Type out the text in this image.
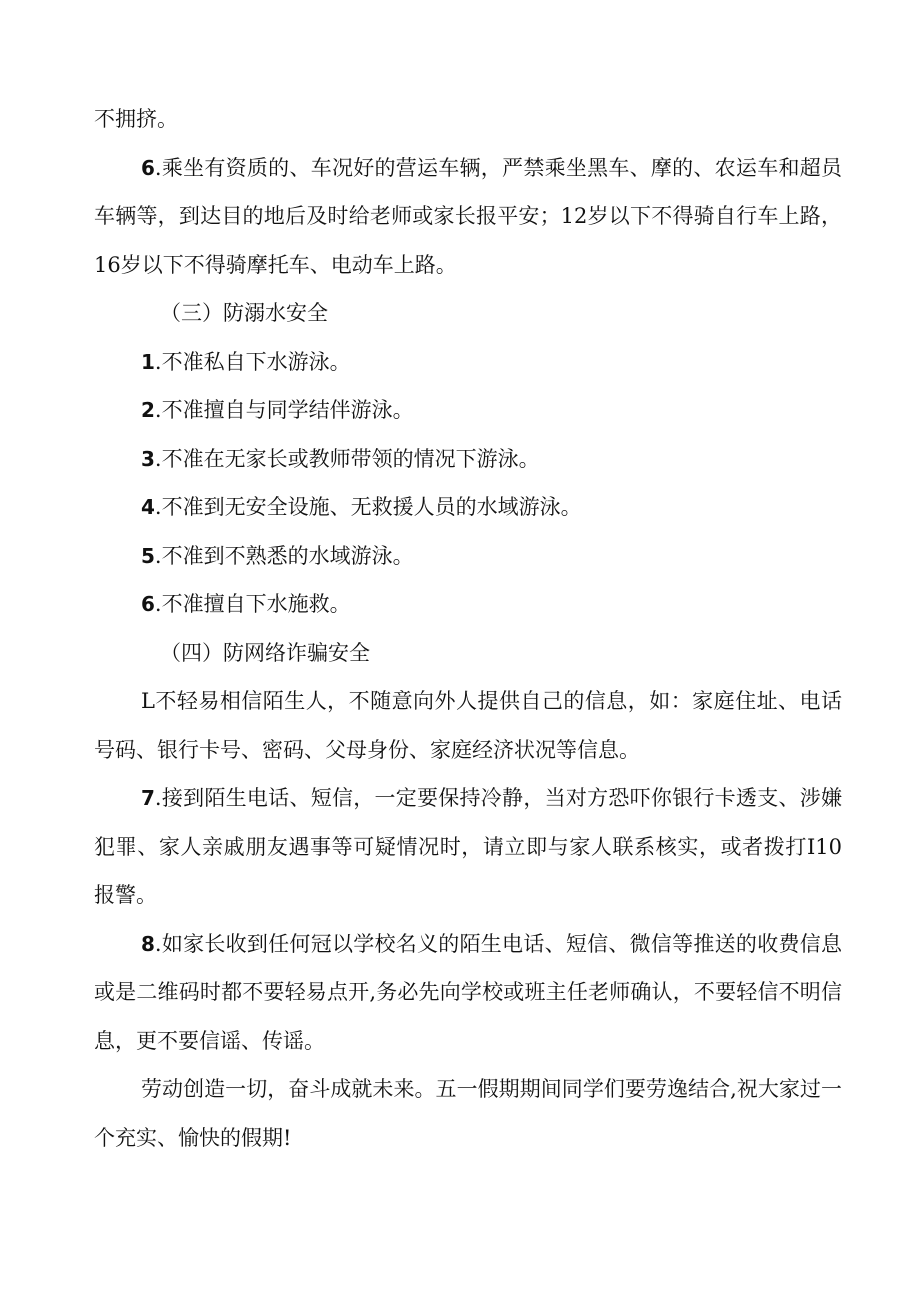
不拥挤。

6.乘坐有资质的、车况好的营运车辆，严禁乘坐黑车、摩的、农运车和超员车辆等，到达目的地后及时给老师或家长报平安；12岁以下不得骑自行车上路，16岁以下不得骑摩托车、电动车上路。

（三）防溺水安全

1.不准私自下水游泳。

2.不准擅自与同学结伴游泳。

3.不准在无家长或教师带领的情况下游泳。

4.不准到无安全设施、无救援人员的水域游泳。

5.不准到不熟悉的水域游泳。

6.不准擅自下水施救。

（四）防网络诈骗安全

L不轻易相信陌生人，不随意向外人提供自己的信息，如：家庭住址、电话号码、银行卡号、密码、父母身份、家庭经济状况等信息。

7.接到陌生电话、短信，一定要保持冷静，当对方恐吓你银行卡透支、涉嫌犯罪、家人亲戚朋友遇事等可疑情况时，请立即与家人联系核实，或者拨打I10报警。

8.如家长收到任何冠以学校名义的陌生电话、短信、微信等推送的收费信息或是二维码时都不要轻易点开,务必先向学校或班主任老师确认，不要轻信不明信息，更不要信谣、传谣。

劳动创造一切，奋斗成就未来。五一假期期间同学们要劳逸结合,祝大家过一个充实、愉快的假期!
